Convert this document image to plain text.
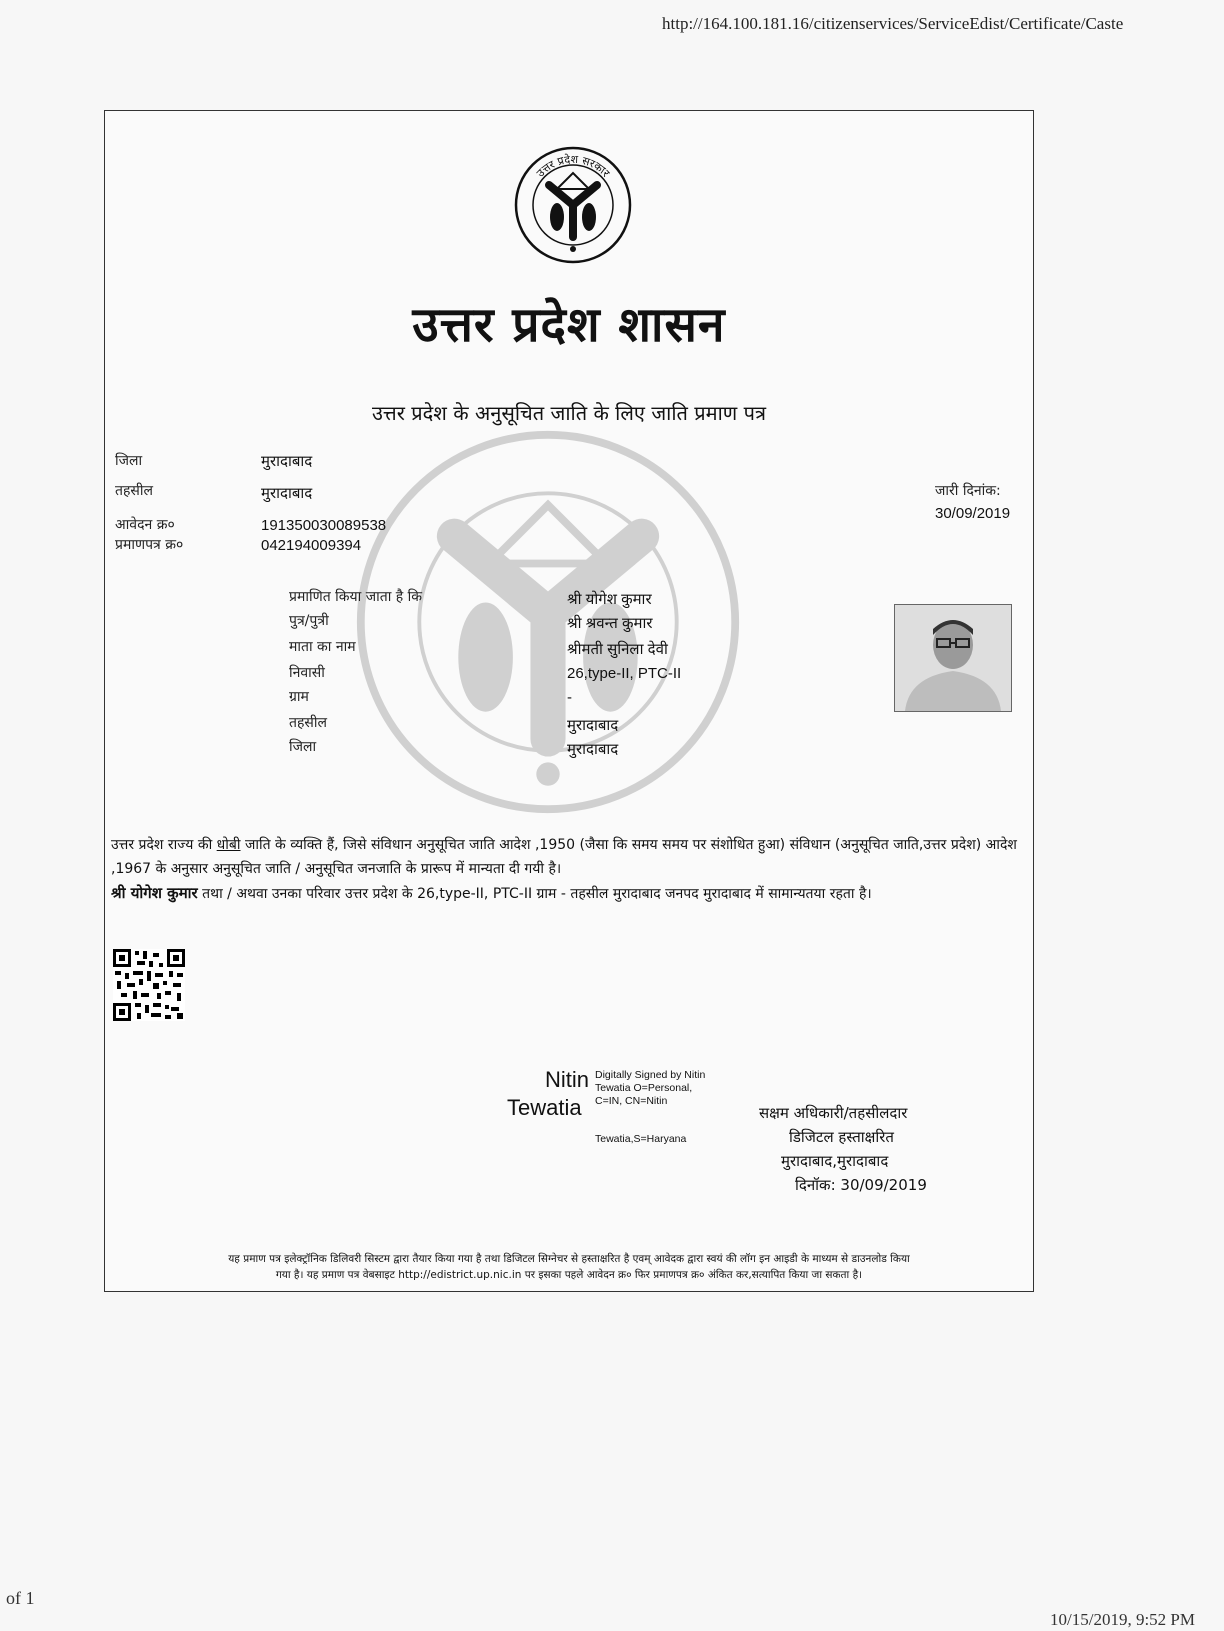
http://164.100.181.16/citizenservices/ServiceEdist/Certificate/Caste
of 1
10/15/2019, 9:52 PM
उत्तर प्रदेश सरकार
उत्तर प्रदेश शासन
उत्तर प्रदेश के अनुसूचित जाति के लिए जाति प्रमाण पत्र
जिला	मुरादाबाद
तहसील	मुरादाबाद
आवेदन क्र०	191350030089538
प्रमाणपत्र क्र०	042194009394
जारी दिनांक:
30/09/2019
प्रमाणित किया जाता है कि	श्री योगेश कुमार
पुत्र/पुत्री	श्री श्रवन्त कुमार
माता का नाम	श्रीमती सुनिला देवी
निवासी	26,type-II, PTC-II
ग्राम	-
तहसील	मुरादाबाद
जिला	मुरादाबाद
उत्तर प्रदेश राज्य की धोबी जाति के व्यक्ति हैं, जिसे संविधान अनुसूचित जाति आदेश ,1950 (जैसा कि समय समय पर संशोधित हुआ) संविधान (अनुसूचित जाति,उत्तर प्रदेश) आदेश ,1967 के अनुसार अनुसूचित जाति / अनुसूचित जनजाति के प्रारूप में मान्यता दी गयी है।
श्री योगेश कुमार तथा / अथवा उनका परिवार उत्तर प्रदेश के 26,type-II, PTC-II ग्राम - तहसील मुरादाबाद जनपद मुरादाबाद में सामान्यतया रहता है।
Nitin
Tewatia
Digitally Signed by Nitin
Tewatia O=Personal,
C=IN, CN=Nitin
Tewatia,S=Haryana
सक्षम अधिकारी/तहसीलदार
डिजिटल हस्ताक्षरित
मुरादाबाद,मुरादाबाद
दिनॉक: 30/09/2019
यह प्रमाण पत्र इलेक्ट्रॉनिक डिलिवरी सिस्टम द्वारा तैयार किया गया है तथा डिजिटल सिग्नेचर से हस्ताक्षरित है एवम् आवेदक द्वारा स्वयं की लॉग इन आइडी के माध्यम से डाउनलोड किया
गया है। यह प्रमाण पत्र वेबसाइट http://edistrict.up.nic.in पर इसका पहले आवेदन क्र० फिर प्रमाणपत्र क्र० अंकित कर,सत्यापित किया जा सकता है।
